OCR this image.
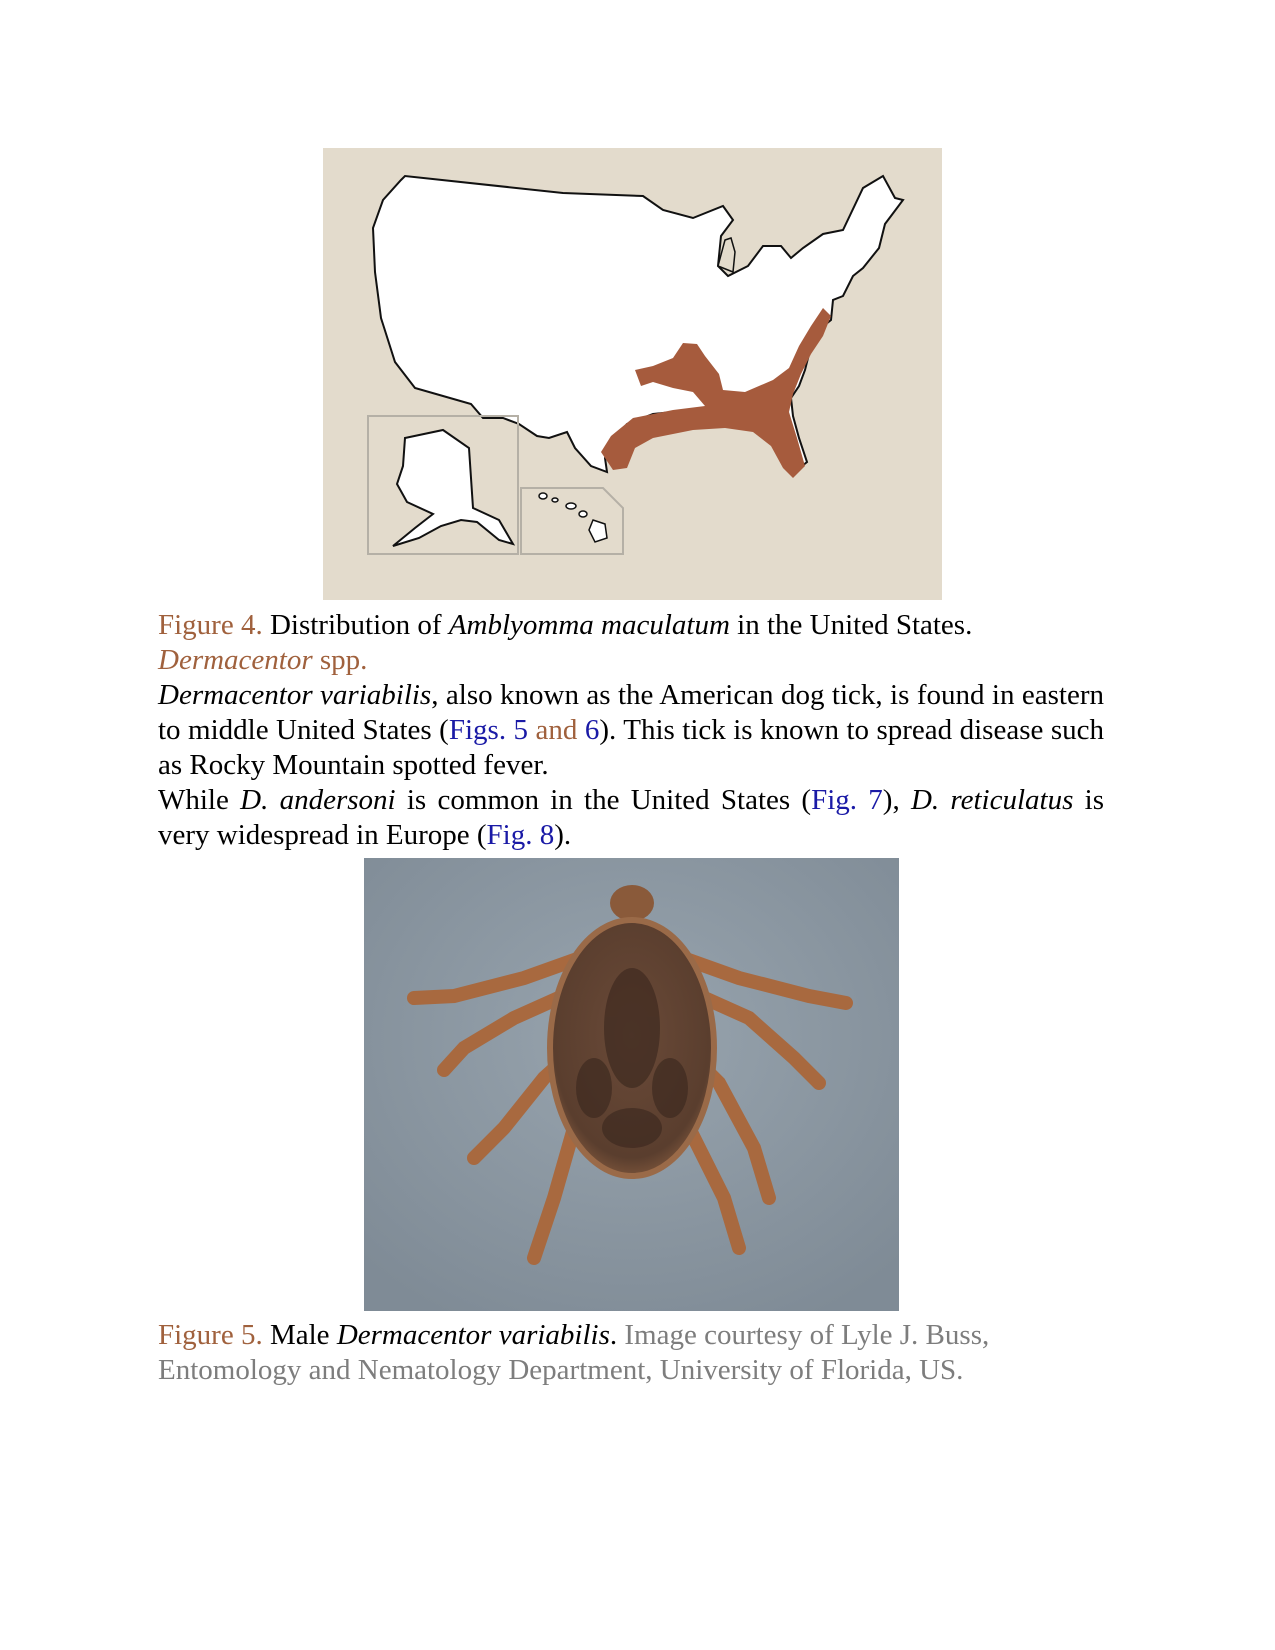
Figure 4. Distribution of Amblyomma maculatum in the United States.
Dermacentor spp.
Dermacentor variabilis, also known as the American dog tick, is found in eastern to middle United States (Figs. 5 and 6). This tick is known to spread disease such as Rocky Mountain spotted fever.
While D. andersoni is common in the United States (Fig. 7), D. reticulatus is very widespread in Europe (Fig. 8).
Figure 5. Male Dermacentor variabilis. Image courtesy of Lyle J. Buss, Entomology and Nematology Department, University of Florida, US.
